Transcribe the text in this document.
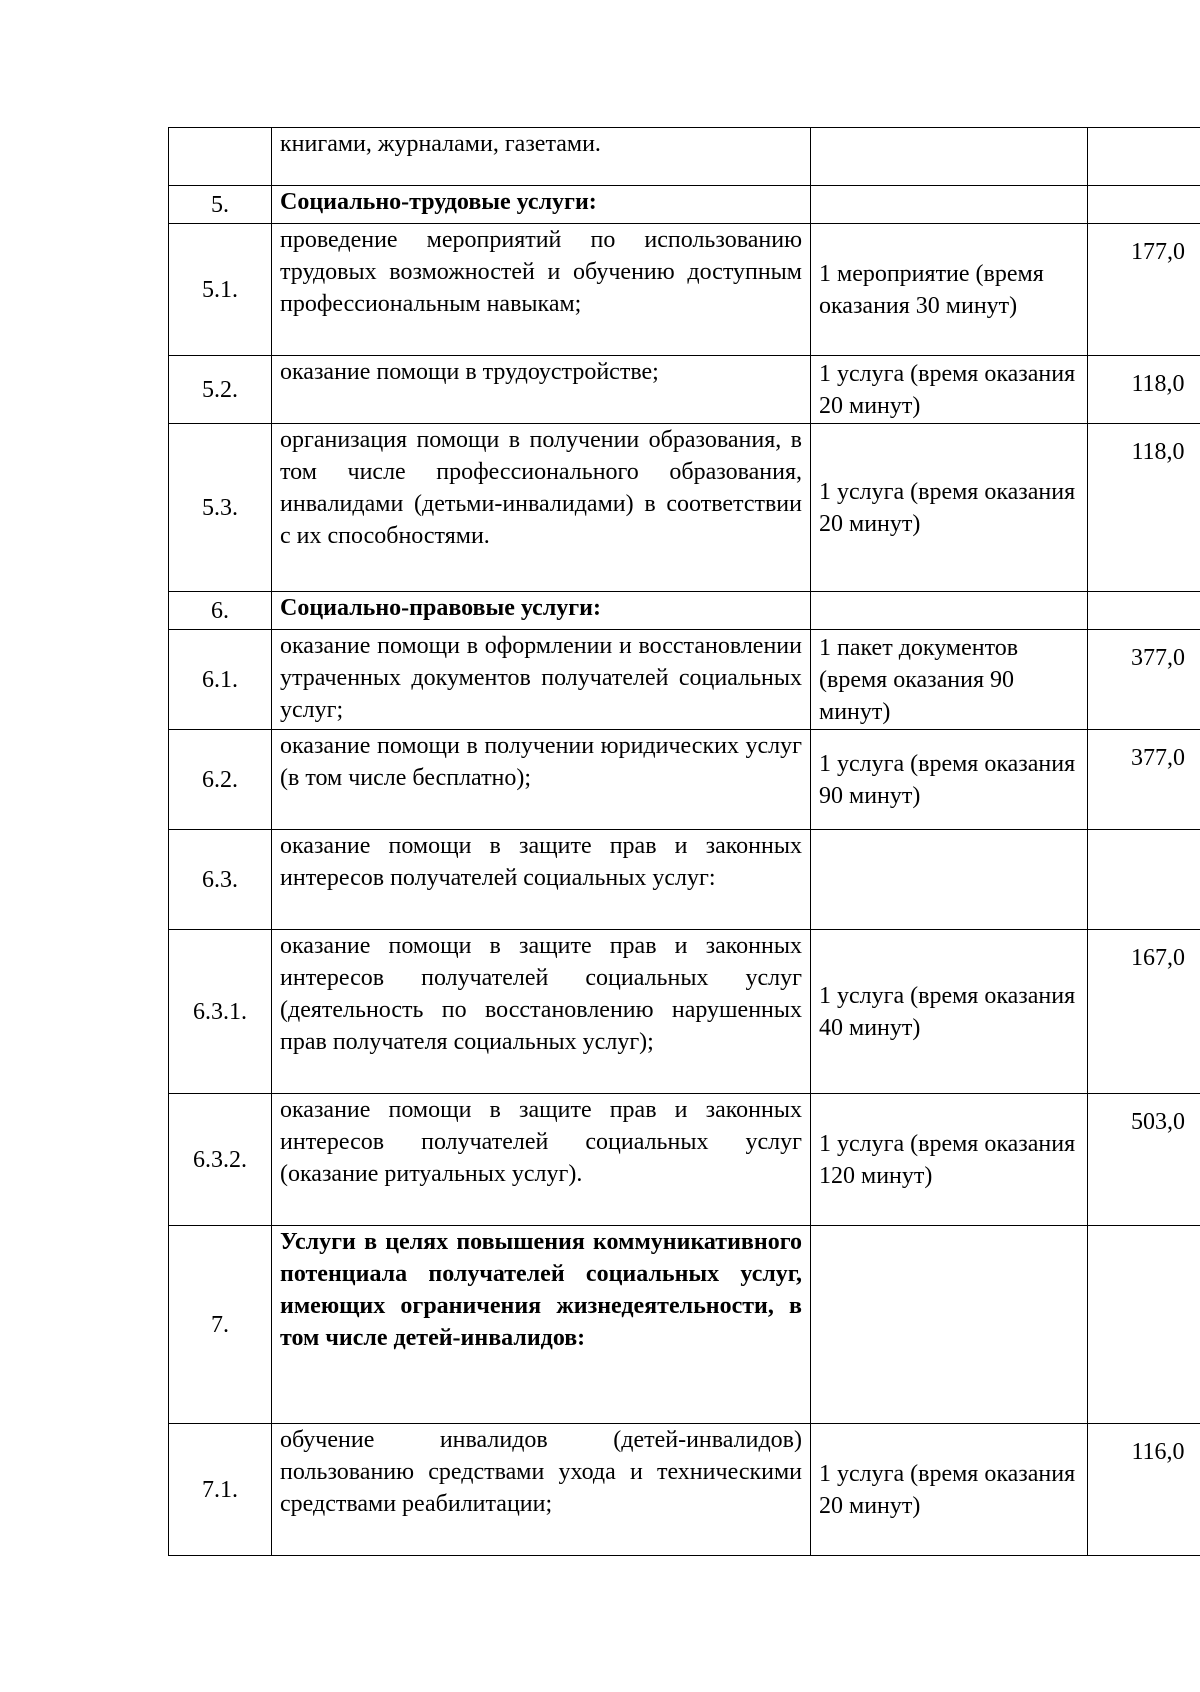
	книгами, журналами, газетами.		
5.	Социально-трудовые услуги:		
5.1.	проведение мероприятий по использованию трудовых возможностей и обучению доступным профессиональным навыкам;	1 мероприятие (время оказания 30 минут)	177,0
5.2.	оказание помощи в трудоустройстве;	1 услуга (время оказания 20 минут)	118,0
5.3.	организация помощи в получении образования, в том числе профессионального образования, инвалидами (детьми-инвалидами) в соответствии с их способностями.	1 услуга (время оказания 20 минут)	118,0
6.	Социально-правовые услуги:		
6.1.	оказание помощи в оформлении и восстановлении утраченных документов получателей социальных услуг;	1 пакет документов (время оказания 90 минут)	377,0
6.2.	оказание помощи в получении юридических услуг (в том числе бесплатно);	1 услуга (время оказания 90 минут)	377,0
6.3.	оказание помощи в защите прав и законных интересов получателей социальных услуг:		
6.3.1.	оказание помощи в защите прав и законных интересов получателей социальных услуг (деятельность по восстановлению нарушенных прав получателя социальных услуг);	1 услуга (время оказания 40 минут)	167,0
6.3.2.	оказание помощи в защите прав и законных интересов получателей социальных услуг (оказание ритуальных услуг).	1 услуга (время оказания 120 минут)	503,0
7.	Услуги в целях повышения коммуникативного потенциала получателей социальных услуг, имеющих ограничения жизнедеятельности, в том числе детей-инвалидов:		
7.1.	обучение инвалидов (детей-инвалидов) пользованию средствами ухода и техническими средствами реабилитации;	1 услуга (время оказания 20 минут)	116,0
